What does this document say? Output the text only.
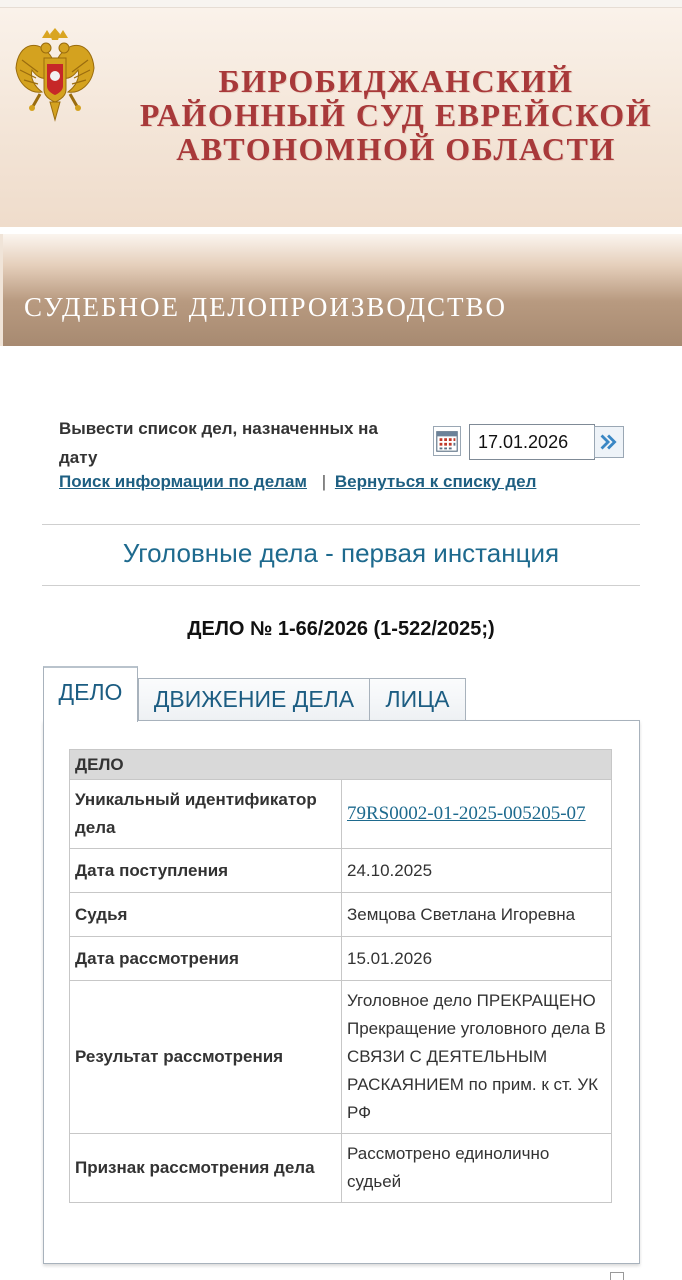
БИРОБИДЖАНСКИЙ
РАЙОННЫЙ СУД ЕВРЕЙСКОЙ
АВТОНОМНОЙ ОБЛАСТИ
СУДЕБНОЕ ДЕЛОПРОИЗВОДСТВО
Вывести список дел, назначенных на дату
17.01.2026
Поиск информации по делам | Вернуться к списку дел
Уголовные дела - первая инстанция
ДЕЛО № 1-66/2026 (1-522/2025;)
ДЕЛО	ДВИЖЕНИЕ ДЕЛА	ЛИЦА
ДЕЛО	
Уникальный идентификатор дела	79RS0002-01-2025-005205-07
Дата поступления	24.10.2025
Судья	Земцова Светлана Игоревна
Дата рассмотрения	15.01.2026
Результат рассмотрения	Уголовное дело ПРЕКРАЩЕНО Прекращение уголовного дела В СВЯЗИ С ДЕЯТЕЛЬНЫМ РАСКАЯНИЕМ по прим. к ст. УК РФ
Признак рассмотрения дела	Рассмотрено единолично судьей
